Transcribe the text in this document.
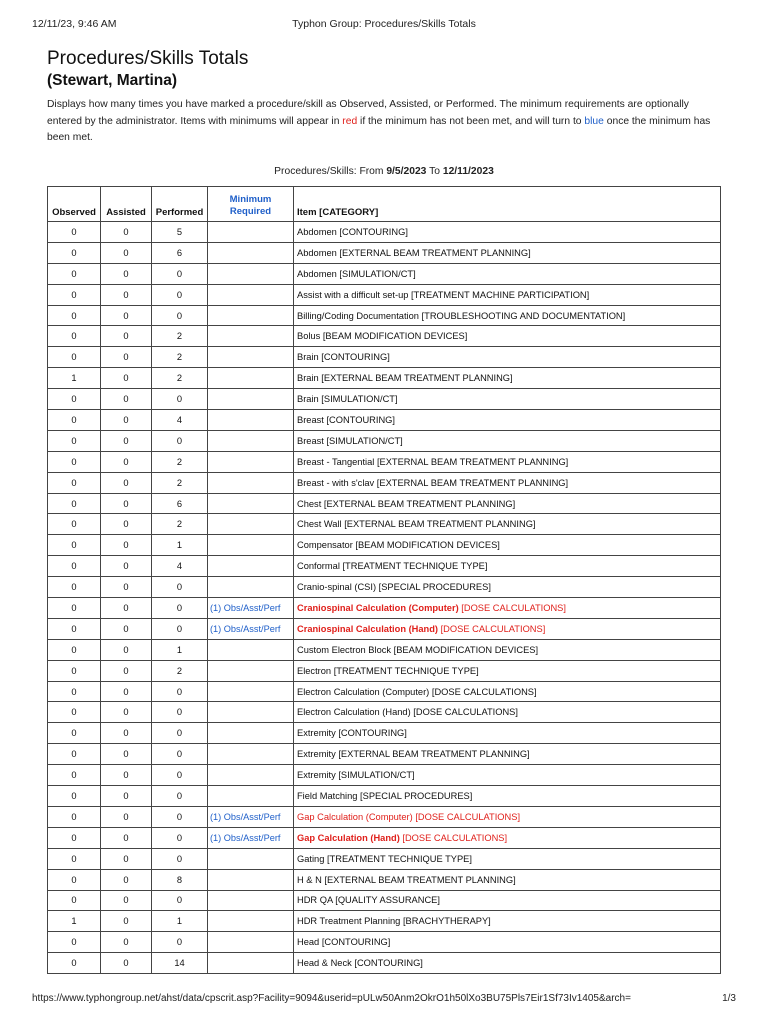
12/11/23, 9:46 AM	Typhon Group: Procedures/Skills Totals
Procedures/Skills Totals
(Stewart, Martina)

Displays how many times you have marked a procedure/skill as Observed, Assisted, or Performed. The minimum requirements are optionally entered by the administrator. Items with minimums will appear in red if the minimum has not been met, and will turn to blue once the minimum has been met.

Procedures/Skills: From 9/5/2023 To 12/11/2023
Observed	Assisted	Performed	Minimum
Required	Item [CATEGORY]
0	0	5		Abdomen [CONTOURING]
0	0	6		Abdomen [EXTERNAL BEAM TREATMENT PLANNING]
0	0	0		Abdomen [SIMULATION/CT]
0	0	0		Assist with a difficult set-up [TREATMENT MACHINE PARTICIPATION]
0	0	0		Billing/Coding Documentation [TROUBLESHOOTING AND DOCUMENTATION]
0	0	2		Bolus [BEAM MODIFICATION DEVICES]
0	0	2		Brain [CONTOURING]
1	0	2		Brain [EXTERNAL BEAM TREATMENT PLANNING]
0	0	0		Brain [SIMULATION/CT]
0	0	4		Breast [CONTOURING]
0	0	0		Breast [SIMULATION/CT]
0	0	2		Breast - Tangential [EXTERNAL BEAM TREATMENT PLANNING]
0	0	2		Breast - with s'clav [EXTERNAL BEAM TREATMENT PLANNING]
0	0	6		Chest [EXTERNAL BEAM TREATMENT PLANNING]
0	0	2		Chest Wall [EXTERNAL BEAM TREATMENT PLANNING]
0	0	1		Compensator [BEAM MODIFICATION DEVICES]
0	0	4		Conformal [TREATMENT TECHNIQUE TYPE]
0	0	0		Cranio-spinal (CSI) [SPECIAL PROCEDURES]
0	0	0	(1) Obs/Asst/Perf	Craniospinal Calculation (Computer) [DOSE CALCULATIONS]
0	0	0	(1) Obs/Asst/Perf	Craniospinal Calculation (Hand) [DOSE CALCULATIONS]
0	0	1		Custom Electron Block [BEAM MODIFICATION DEVICES]
0	0	2		Electron [TREATMENT TECHNIQUE TYPE]
0	0	0		Electron Calculation (Computer) [DOSE CALCULATIONS]
0	0	0		Electron Calculation (Hand) [DOSE CALCULATIONS]
0	0	0		Extremity [CONTOURING]
0	0	0		Extremity [EXTERNAL BEAM TREATMENT PLANNING]
0	0	0		Extremity [SIMULATION/CT]
0	0	0		Field Matching [SPECIAL PROCEDURES]
0	0	0	(1) Obs/Asst/Perf	Gap Calculation (Computer) [DOSE CALCULATIONS]
0	0	0	(1) Obs/Asst/Perf	Gap Calculation (Hand) [DOSE CALCULATIONS]
0	0	0		Gating [TREATMENT TECHNIQUE TYPE]
0	0	8		H & N [EXTERNAL BEAM TREATMENT PLANNING]
0	0	0		HDR QA [QUALITY ASSURANCE]
1	0	1		HDR Treatment Planning [BRACHYTHERAPY]
0	0	0		Head [CONTOURING]
0	0	14		Head & Neck [CONTOURING]
https://www.typhongroup.net/ahst/data/cpscrit.asp?Facility=9094&userid=pULw50Anm2OkrO1h50lXo3BU75Pls7Eir1Sf73Iv1405&arch=	1/3
